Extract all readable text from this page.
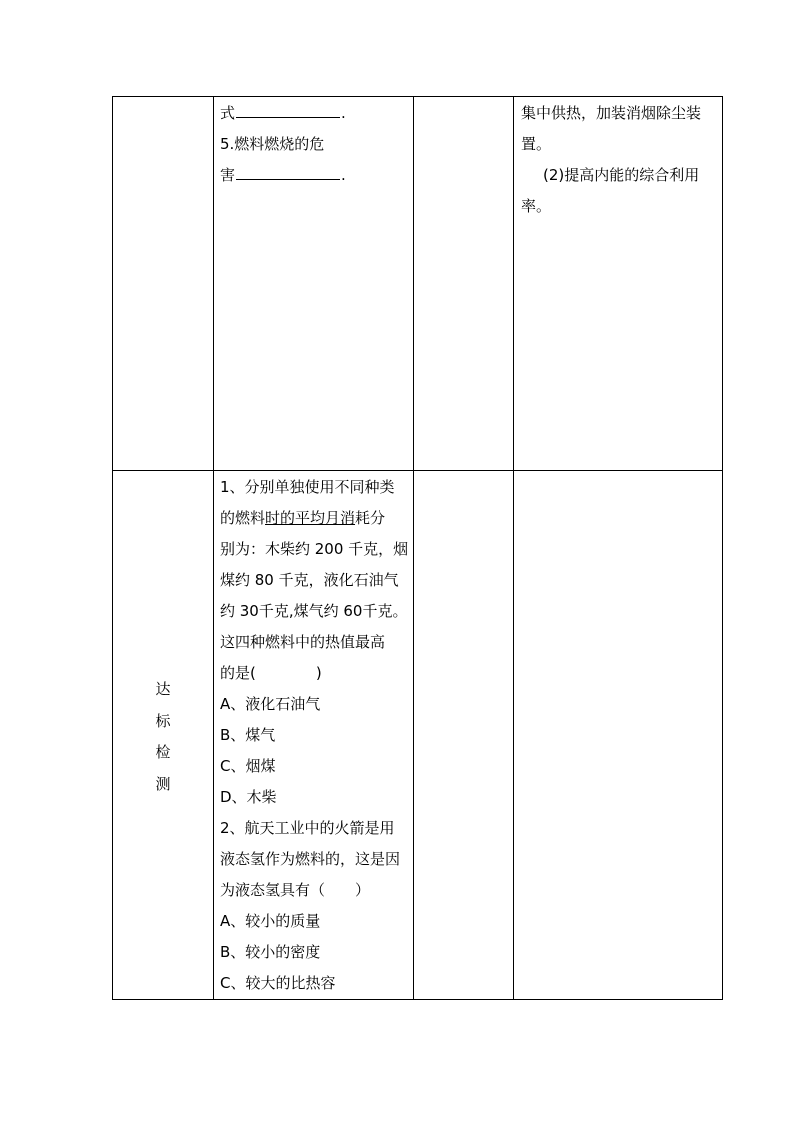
式	.
5.燃料燃烧的危
害	.
集中供热，加装消烟除尘装
置。
(2)提高内能的综合利用
率。
达
标
检
测
1、分别单独使用不同种类
的燃料时的平均月消耗分
别为：木柴约 200 千克，烟
煤约 80 千克，液化石油气
约 30千克,煤气约 60千克。
这四种燃料中的热值最高
的是(　　　　)
A、液化石油气
B、煤气
C、烟煤
D、木柴
2、航天工业中的火箭是用
液态氢作为燃料的，这是因
为液态氢具有（　　）
A、较小的质量
B、较小的密度
C、较大的比热容
